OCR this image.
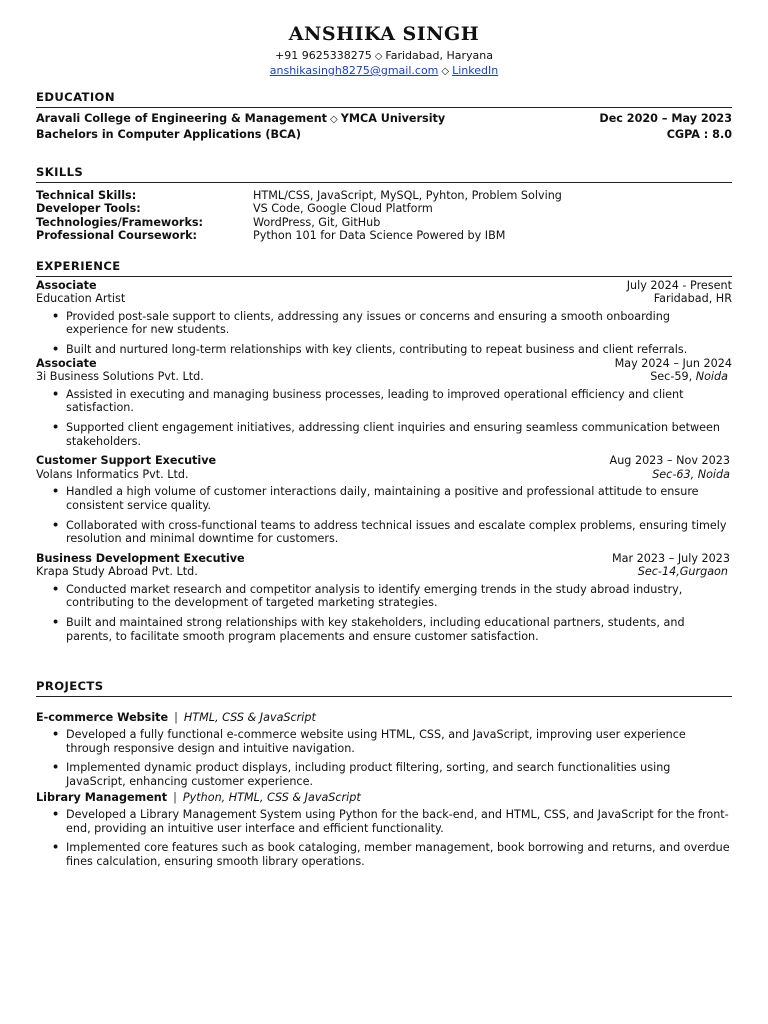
ANSHIKA SINGH
+91 9625338275 ◇ Faridabad, Haryana
anshikasingh8275@gmail.com ◇ LinkedIn
EDUCATION
Aravali College of Engineering & Management ◇ YMCA University	Dec 2020 – May 2023
Bachelors in Computer Applications (BCA)	CGPA : 8.0
SKILLS
Technical Skills:	HTML/CSS, JavaScript, MySQL, Pyhton, Problem Solving
Developer Tools:	VS Code, Google Cloud Platform
Technologies/Frameworks:	WordPress, Git, GitHub
Professional Coursework:	Python 101 for Data Science Powered by IBM
EXPERIENCE
Associate	July 2024 - Present
Education Artist	Faridabad, HR
• Provided post-sale support to clients, addressing any issues or concerns and ensuring a smooth onboarding experience for new students.
• Built and nurtured long-term relationships with key clients, contributing to repeat business and client referrals.
Associate	May 2024 – Jun 2024
3i Business Solutions Pvt. Ltd.	Sec-59, Noida
• Assisted in executing and managing business processes, leading to improved operational efficiency and client satisfaction.
• Supported client engagement initiatives, addressing client inquiries and ensuring seamless communication between stakeholders.
Customer Support Executive	Aug 2023 – Nov 2023
Volans Informatics Pvt. Ltd.	Sec-63, Noida
• Handled a high volume of customer interactions daily, maintaining a positive and professional attitude to ensure consistent service quality.
• Collaborated with cross-functional teams to address technical issues and escalate complex problems, ensuring timely resolution and minimal downtime for customers.
Business Development Executive	Mar 2023 – July 2023
Krapa Study Abroad Pvt. Ltd.	Sec-14,Gurgaon
• Conducted market research and competitor analysis to identify emerging trends in the study abroad industry, contributing to the development of targeted marketing strategies.
• Built and maintained strong relationships with key stakeholders, including educational partners, students, and parents, to facilitate smooth program placements and ensure customer satisfaction.
PROJECTS
E-commerce Website | HTML, CSS & JavaScript
• Developed a fully functional e-commerce website using HTML, CSS, and JavaScript, improving user experience through responsive design and intuitive navigation.
• Implemented dynamic product displays, including product filtering, sorting, and search functionalities using JavaScript, enhancing customer experience.
Library Management | Python, HTML, CSS & JavaScript
• Developed a Library Management System using Python for the back-end, and HTML, CSS, and JavaScript for the front-end, providing an intuitive user interface and efficient functionality.
• Implemented core features such as book cataloging, member management, book borrowing and returns, and overdue fines calculation, ensuring smooth library operations.
